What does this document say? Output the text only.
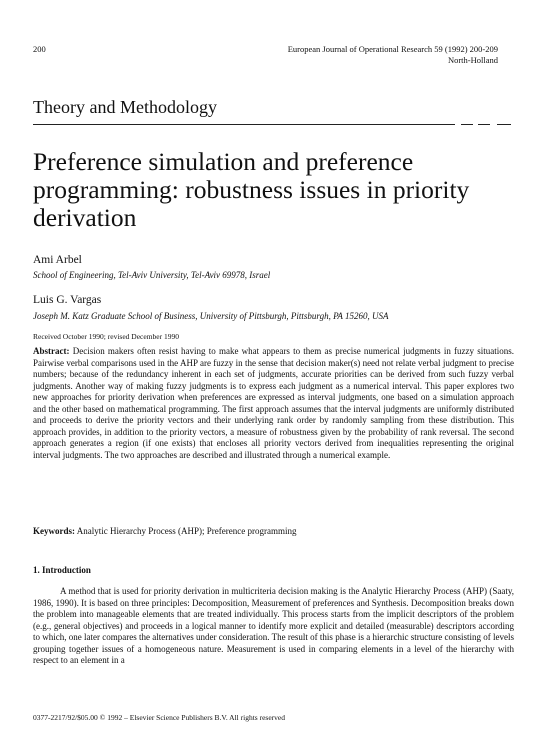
200	European Journal of Operational Research 59 (1992) 200-209
North-Holland
Theory and Methodology
Preference simulation and preference programming: robustness issues in priority derivation
Ami Arbel
School of Engineering, Tel-Aviv University, Tel-Aviv 69978, Israel
Luis G. Vargas
Joseph M. Katz Graduate School of Business, University of Pittsburgh, Pittsburgh, PA 15260, USA
Received October 1990; revised December 1990
Abstract: Decision makers often resist having to make what appears to them as precise numerical judgments in fuzzy situations. Pairwise verbal comparisons used in the AHP are fuzzy in the sense that decision maker(s) need not relate verbal judgment to precise numbers; because of the redundancy inherent in each set of judgments, accurate priorities can be derived from such fuzzy verbal judgments. Another way of making fuzzy judgments is to express each judgment as a numerical interval. This paper explores two new approaches for priority derivation when preferences are expressed as interval judgments, one based on a simulation approach and the other based on mathematical programming. The first approach assumes that the interval judgments are uniformly distributed and proceeds to derive the priority vectors and their underlying rank order by randomly sampling from these distribution. This approach provides, in addition to the priority vectors, a measure of robustness given by the probability of rank reversal. The second approach generates a region (if one exists) that encloses all priority vectors derived from inequalities representing the original interval judgments. The two approaches are described and illustrated through a numerical example.
Keywords: Analytic Hierarchy Process (AHP); Preference programming
1. Introduction
A method that is used for priority derivation in multicriteria decision making is the Analytic Hierarchy Process (AHP) (Saaty, 1986, 1990). It is based on three principles: Decomposition, Measurement of preferences and Synthesis. Decomposition breaks down the problem into manageable elements that are treated individually. This process starts from the implicit descriptors of the problem (e.g., general objectives) and proceeds in a logical manner to identify more explicit and detailed (measurable) descriptors according to which, one later compares the alternatives under consideration. The result of this phase is a hierarchic structure consisting of levels grouping together issues of a homogeneous nature. Measurement is used in comparing elements in a level of the hierarchy with respect to an element in a
0377-2217/92/$05.00 © 1992 – Elsevier Science Publishers B.V. All rights reserved
